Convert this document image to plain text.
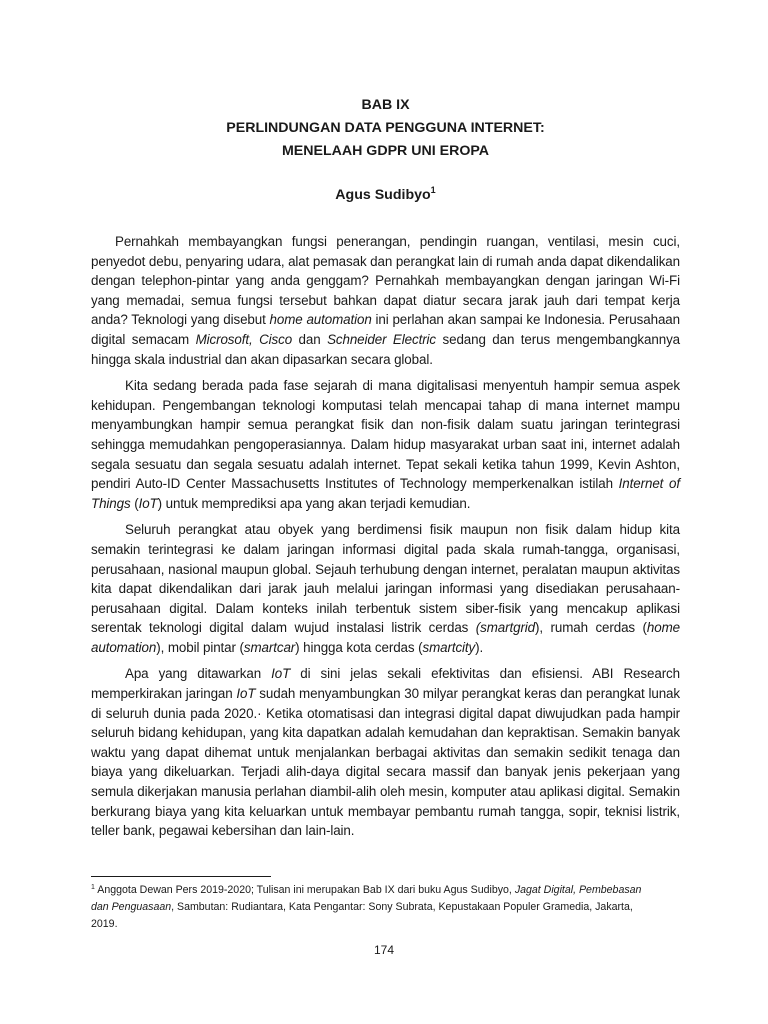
BAB IX
PERLINDUNGAN DATA PENGGUNA INTERNET:
MENELAAH GDPR UNI EROPA
Agus Sudibyo$^1$

Pernahkah membayangkan fungsi penerangan, pendingin ruangan, ventilasi, mesin cuci, penyedot debu, penyaring udara, alat pemasak dan perangkat lain di rumah anda dapat dikendalikan dengan telephon-pintar yang anda genggam? Pernahkah membayangkan dengan jaringan Wi-Fi yang memadai, semua fungsi tersebut bahkan dapat diatur secara jarak jauh dari tempat kerja anda? Teknologi yang disebut home automation ini perlahan akan sampai ke Indonesia. Perusahaan digital semacam Microsoft, Cisco dan Schneider Electric sedang dan terus mengembangkannya hingga skala industrial dan akan dipasarkan secara global.

Kita sedang berada pada fase sejarah di mana digitalisasi menyentuh hampir semua aspek kehidupan. Pengembangan teknologi komputasi telah mencapai tahap di mana internet mampu menyambungkan hampir semua perangkat fisik dan non-fisik dalam suatu jaringan terintegrasi sehingga memudahkan pengoperasiannya. Dalam hidup masyarakat urban saat ini, internet adalah segala sesuatu dan segala sesuatu adalah internet. Tepat sekali ketika tahun 1999, Kevin Ashton, pendiri Auto-ID Center Massachusetts Institutes of Technology memperkenalkan istilah Internet of Things (IoT) untuk memprediksi apa yang akan terjadi kemudian.

Seluruh perangkat atau obyek yang berdimensi fisik maupun non fisik dalam hidup kita semakin terintegrasi ke dalam jaringan informasi digital pada skala rumah-tangga, organisasi, perusahaan, nasional maupun global. Sejauh terhubung dengan internet, peralatan maupun aktivitas kita dapat dikendalikan dari jarak jauh melalui jaringan informasi yang disediakan perusahaan-perusahaan digital. Dalam konteks inilah terbentuk sistem siber-fisik yang mencakup aplikasi serentak teknologi digital dalam wujud instalasi listrik cerdas (smartgrid), rumah cerdas (home automation), mobil pintar (smartcar) hingga kota cerdas (smartcity).

Apa yang ditawarkan IoT di sini jelas sekali efektivitas dan efisiensi. ABI Research memperkirakan jaringan IoT sudah menyambungkan 30 milyar perangkat keras dan perangkat lunak di seluruh dunia pada 2020.· Ketika otomatisasi dan integrasi digital dapat diwujudkan pada hampir seluruh bidang kehidupan, yang kita dapatkan adalah kemudahan dan kepraktisan. Semakin banyak waktu yang dapat dihemat untuk menjalankan berbagai aktivitas dan semakin sedikit tenaga dan biaya yang dikeluarkan. Terjadi alih-daya digital secara massif dan banyak jenis pekerjaan yang semula dikerjakan manusia perlahan diambil-alih oleh mesin, komputer atau aplikasi digital. Semakin berkurang biaya yang kita keluarkan untuk membayar pembantu rumah tangga, sopir, teknisi listrik, teller bank, pegawai kebersihan dan lain-lain.

$^1$ Anggota Dewan Pers 2019-2020; Tulisan ini merupakan Bab IX dari buku Agus Sudibyo, Jagat Digital, Pembebasan dan Penguasaan, Sambutan: Rudiantara, Kata Pengantar: Sony Subrata, Kepustakaan Populer Gramedia, Jakarta, 2019.
174
